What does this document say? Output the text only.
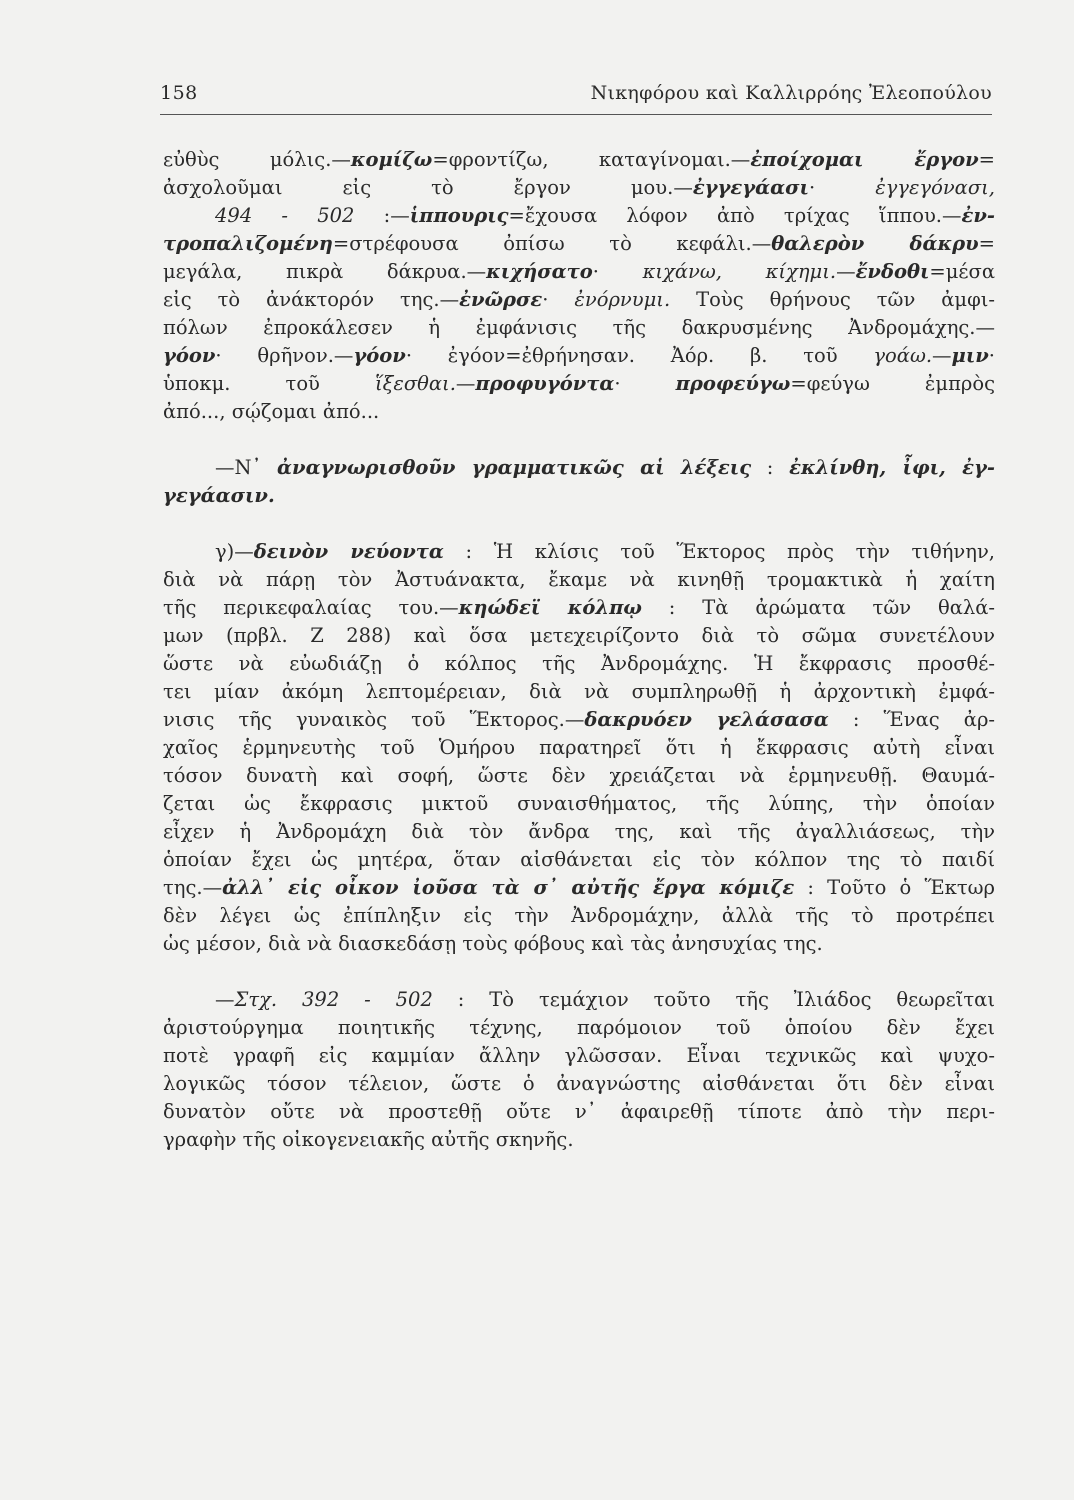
158	Νικηφόρου καὶ Καλλιρρόης Ἐλεοπούλου
εὐθὺς μόλις.—κομίζω=φροντίζω, καταγίνομαι.—ἐποίχομαι ἔργον=
ἀσχολοῦμαι εἰς τὸ ἔργον μου.—ἐγγεγάασι· ἐγγεγόνασι,
494 - 502 :—ἱππουρις=ἔχουσα λόφον ἀπὸ τρίχας ἵππου.—ἐν-
τροπαλιζομένη=στρέφουσα ὀπίσω τὸ κεφάλι.—θαλερὸν δάκρυ=
μεγάλα, πικρὰ δάκρυα.—κιχήσατο· κιχάνω, κίχημι.—ἔνδοθι=μέσα
εἰς τὸ ἀνάκτορόν της.—ἐνῶρσε· ἐνόρνυμι. Τοὺς θρήνους τῶν ἀμφι-
πόλων ἐπροκάλεσεν ἡ ἐμφάνισις τῆς δακρυσμένης Ἀνδρομάχης.—
γόον· θρῆνον.—γόον· ἐγόον=ἐθρήνησαν. Ἀόρ. β. τοῦ γοάω.—μιν·
ὑποκμ. τοῦ ἵξεσθαι.—προφυγόντα· προφεύγω=φεύγω ἐμπρὸς
ἀπό..., σῴζομαι ἀπό...
—Ν᾿ ἀναγνωρισθοῦν γραμματικῶς αἱ λέξεις : ἐκλίνθη, ἶφι, ἐγ-
γεγάασιν.
γ)—δεινὸν νεύοντα : Ἡ κλίσις τοῦ Ἕκτορος πρὸς τὴν τιθήνην,
διὰ νὰ πάρῃ τὸν Ἀστυάνακτα, ἔκαμε νὰ κινηθῇ τρομακτικὰ ἡ χαίτη
τῆς περικεφαλαίας του.—κηώδεϊ κόλπῳ : Τὰ ἀρώματα τῶν θαλά-
μων (πρβλ. Ζ 288) καὶ ὅσα μετεχειρίζοντο διὰ τὸ σῶμα συνετέλουν
ὥστε νὰ εὐωδιάζῃ ὁ κόλπος τῆς Ἀνδρομάχης. Ἡ ἔκφρασις προσθέ-
τει μίαν ἀκόμη λεπτομέρειαν, διὰ νὰ συμπληρωθῇ ἡ ἀρχοντικὴ ἐμφά-
νισις τῆς γυναικὸς τοῦ Ἕκτορος.—δακρυόεν γελάσασα : Ἕνας ἀρ-
χαῖος ἑρμηνευτὴς τοῦ Ὁμήρου παρατηρεῖ ὅτι ἡ ἔκφρασις αὐτὴ εἶναι
τόσον δυνατὴ καὶ σοφή, ὥστε δὲν χρειάζεται νὰ ἑρμηνευθῇ. Θαυμά-
ζεται ὡς ἔκφρασις μικτοῦ συναισθήματος, τῆς λύπης, τὴν ὁποίαν
εἶχεν ἡ Ἀνδρομάχη διὰ τὸν ἄνδρα της, καὶ τῆς ἀγαλλιάσεως, τὴν
ὁποίαν ἔχει ὡς μητέρα, ὅταν αἰσθάνεται εἰς τὸν κόλπον της τὸ παιδί
της.—ἀλλ᾿ εἰς οἶκον ἰοῦσα τὰ σ᾿ αὐτῆς ἔργα κόμιζε : Τοῦτο ὁ Ἕκτωρ
δὲν λέγει ὡς ἐπίπληξιν εἰς τὴν Ἀνδρομάχην, ἀλλὰ τῆς τὸ προτρέπει
ὡς μέσον, διὰ νὰ διασκεδάσῃ τοὺς φόβους καὶ τὰς ἀνησυχίας της.
—Στχ. 392 - 502 : Τὸ τεμάχιον τοῦτο τῆς Ἰλιάδος θεωρεῖται
ἀριστούργημα ποιητικῆς τέχνης, παρόμοιον τοῦ ὁποίου δὲν ἔχει
ποτὲ γραφῆ εἰς καμμίαν ἄλλην γλῶσσαν. Εἶναι τεχνικῶς καὶ ψυχο-
λογικῶς τόσον τέλειον, ὥστε ὁ ἀναγνώστης αἰσθάνεται ὅτι δὲν εἶναι
δυνατὸν οὔτε νὰ προστεθῇ οὔτε ν᾿ ἀφαιρεθῇ τίποτε ἀπὸ τὴν περι-
γραφὴν τῆς οἰκογενειακῆς αὐτῆς σκηνῆς.
